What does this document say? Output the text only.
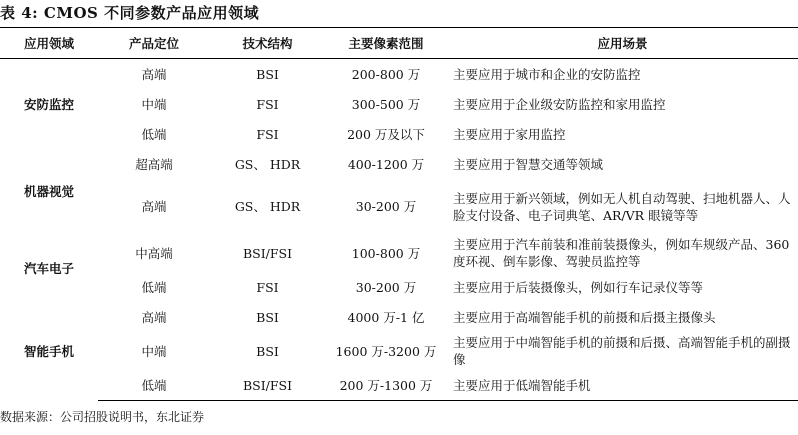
表 4: CMOS 不同参数产品应用领域
应用领域	产品定位	技术结构	主要像素范围	应用场景
安防监控	高端	BSI	200-800 万	主要应用于城市和企业的安防监控
	中端	FSI	300-500 万	主要应用于企业级安防监控和家用监控
	低端	FSI	200 万及以下	主要应用于家用监控
机器视觉	超高端	GS、 HDR	400-1200 万	主要应用于智慧交通等领域
	高端	GS、 HDR	30-200 万	主要应用于新兴领域，例如无人机自动驾驶、扫地机器人、人脸支付设备、电子词典笔、AR/VR 眼镜等等
汽车电子	中高端	BSI/FSI	100-800 万	主要应用于汽车前装和准前装摄像头，例如车规级产品、360 度环视、倒车影像、驾驶员监控等
	低端	FSI	30-200 万	主要应用于后装摄像头，例如行车记录仪等等
智能手机	高端	BSI	4000 万-1 亿	主要应用于高端智能手机的前摄和后摄主摄像头
	中端	BSI	1600 万-3200 万	主要应用于中端智能手机的前摄和后摄、高端智能手机的副摄像
	低端	BSI/FSI	200 万-1300 万	主要应用于低端智能手机
数据来源：公司招股说明书，东北证券
